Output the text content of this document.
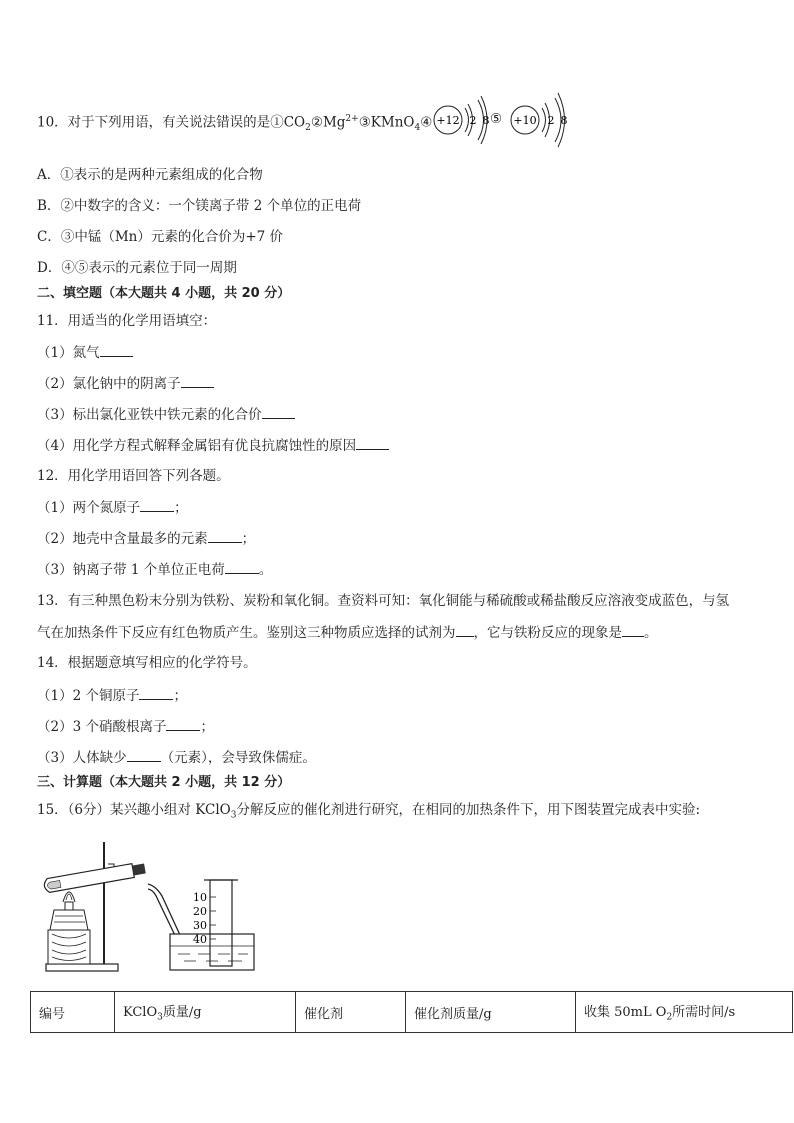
10．对于下列用语，有关说法错误的是$①CO_2②Mg^{2+}③KMnO_4④ +12$ 2 8 ⑤ +10 2 8
A．①表示的是两种元素组成的化合物
B．②中数字的含义：一个镁离子带 2 个单位的正电荷
C．③中锰（Mn）元素的化合价为+7 价
D．④⑤表示的元素位于同一周期
二、填空题（本大题共 4 小题，共 20 分）
11．用适当的化学用语填空：
（1）氮气
（2）氯化钠中的阴离子
（3）标出氯化亚铁中铁元素的化合价
（4）用化学方程式解释金属铝有优良抗腐蚀性的原因
12．用化学用语回答下列各题。
（1）两个氮原子	；
（2）地壳中含量最多的元素	；
（3）钠离子带 1 个单位正电荷	。
13．有三种黑色粉末分别为铁粉、炭粉和氧化铜。查资料可知：氧化铜能与稀硫酸或稀盐酸反应溶液变成蓝色，与氢
气在加热条件下反应有红色物质产生。鉴别这三种物质应选择的试剂为 ，它与铁粉反应的现象是 。
14．根据题意填写相应的化学符号。
（1）2 个铜原子	；
（2）3 个硝酸根离子	；
（3）人体缺少	（元素），会导致侏儒症。
三、计算题（本大题共 2 小题，共 12 分）
15．（6分）某兴趣小组对 KClO$_3$分解反应的催化剂进行研究，在相同的加热条件下，用下图装置完成表中实验:
10
20
30
40
编号	KClO$_3$质量/g	催化剂	催化剂质量/g	收集 50mL $O_2$所需时间/s
